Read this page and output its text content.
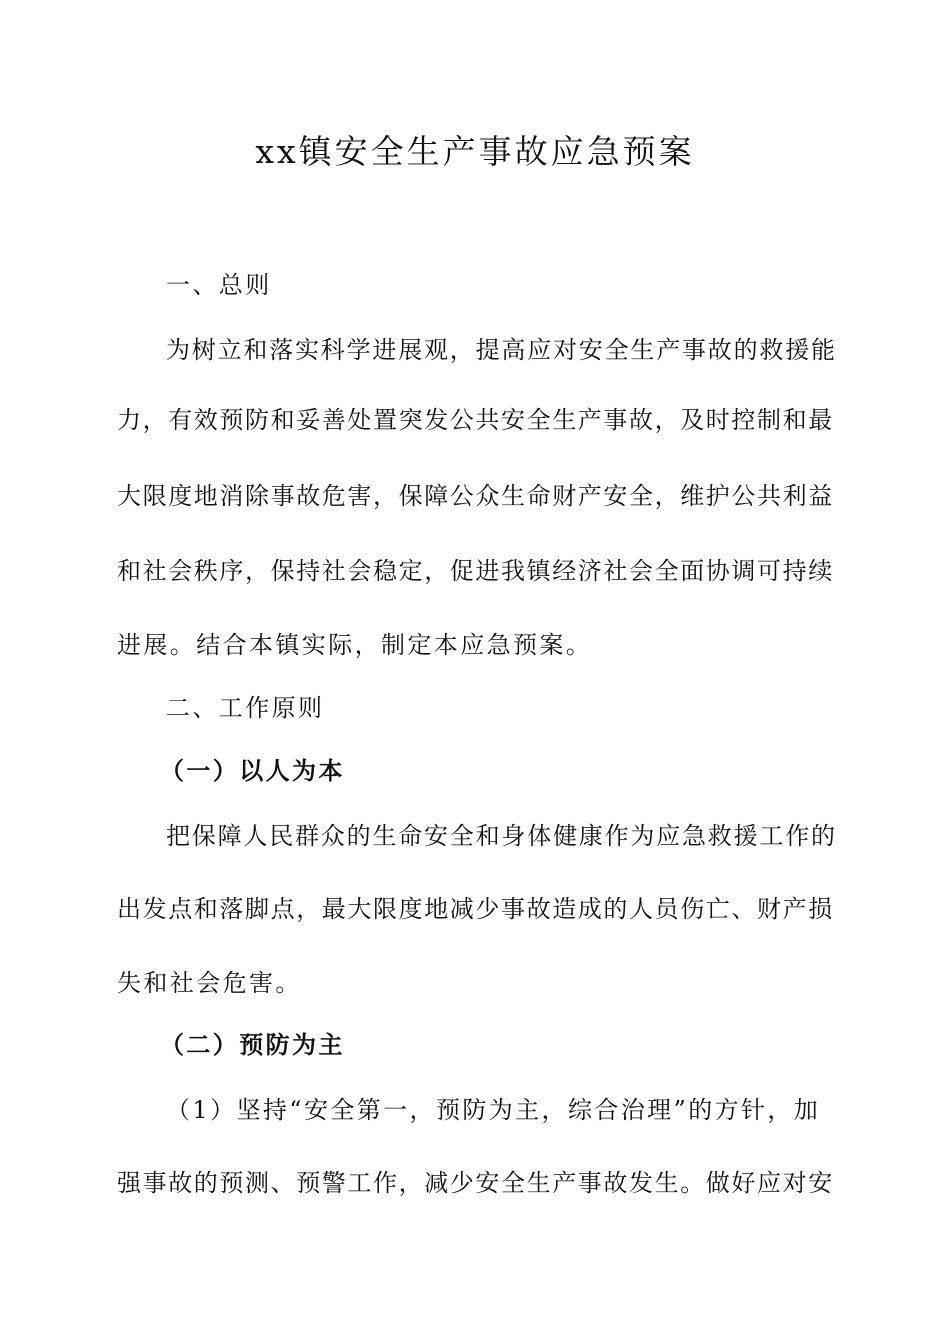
xx镇安全生产事故应急预案

一、总则

为树立和落实科学进展观，提高应对安全生产事故的救援能

力，有效预防和妥善处置突发公共安全生产事故，及时控制和最

大限度地消除事故危害，保障公众生命财产安全，维护公共利益

和社会秩序，保持社会稳定，促进我镇经济社会全面协调可持续

进展。结合本镇实际，制定本应急预案。

二、工作原则

（一）以人为本

把保障人民群众的生命安全和身体健康作为应急救援工作的

出发点和落脚点，最大限度地减少事故造成的人员伤亡、财产损

失和社会危害。

（二）预防为主

（1）坚持“安全第一，预防为主，综合治理”的方针，加

强事故的预测、预警工作，减少安全生产事故发生。做好应对安
